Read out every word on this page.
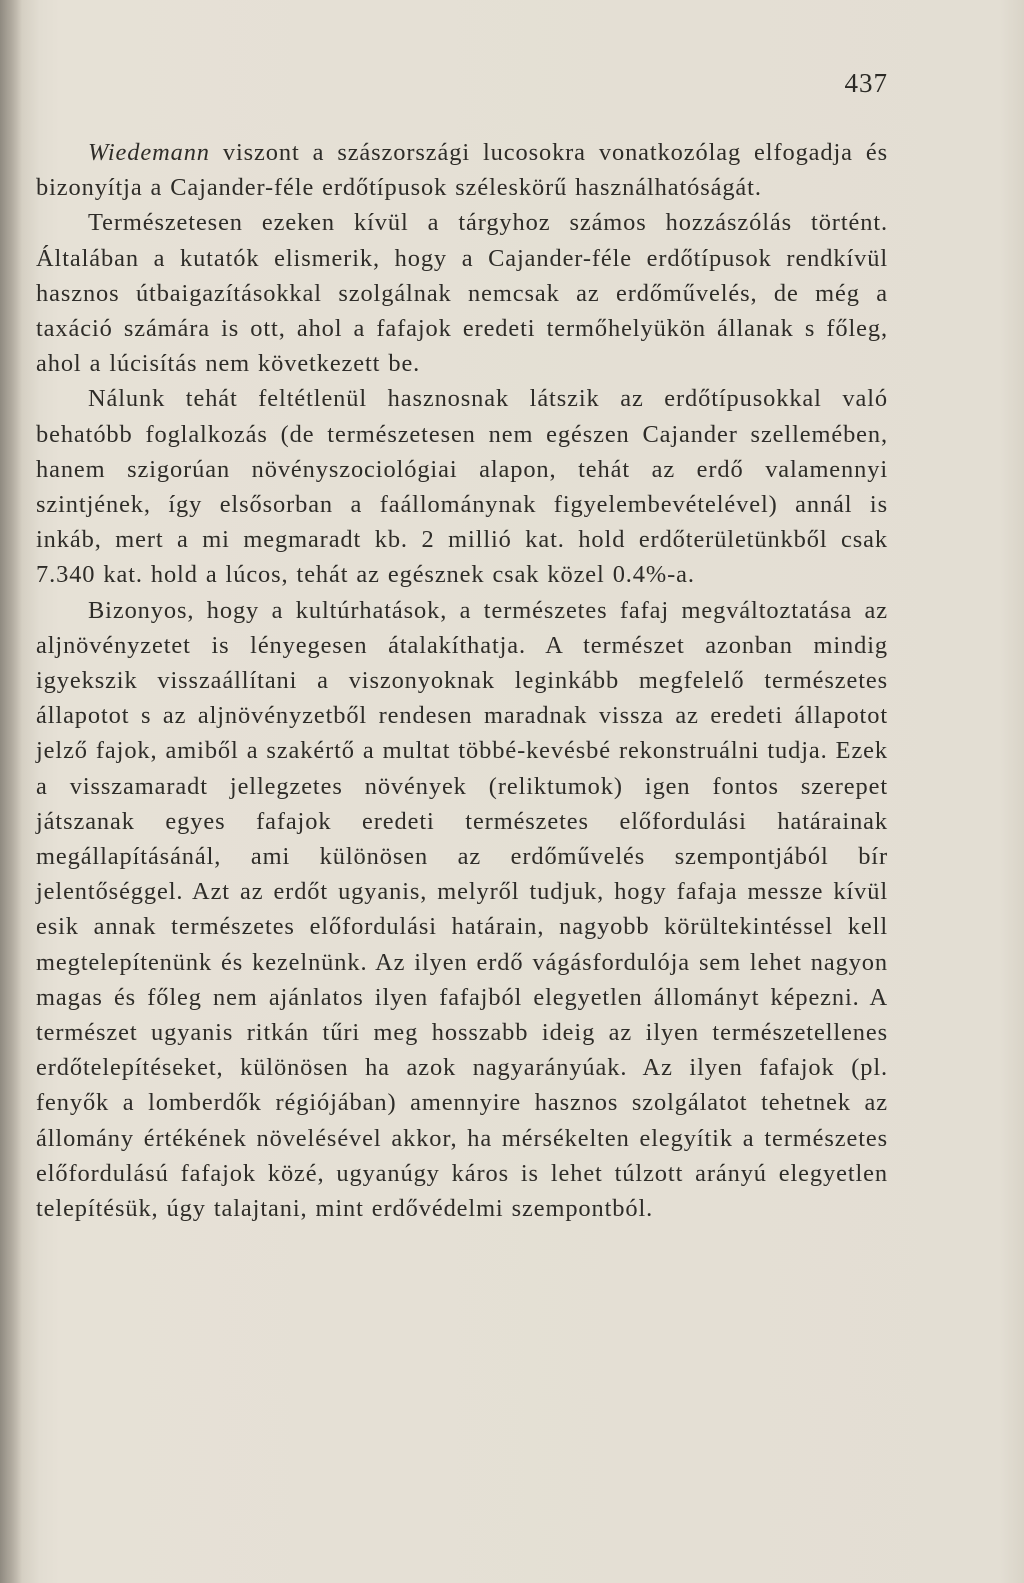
437

Wiedemann viszont a szászországi lucosokra vonatkozólag elfogadja és bizonyítja a Cajander-féle erdőtípusok széleskörű használhatóságát.

Természetesen ezeken kívül a tárgyhoz számos hozzászólás történt. Általában a kutatók elismerik, hogy a Cajander-féle erdőtípusok rendkívül hasznos útbaigazításokkal szolgálnak nemcsak az erdőművelés, de még a taxáció számára is ott, ahol a fafajok eredeti termőhelyükön állanak s főleg, ahol a lúcisítás nem következett be.

Nálunk tehát feltétlenül hasznosnak látszik az erdőtípusokkal való behatóbb foglalkozás (de természetesen nem egészen Cajander szellemében, hanem szigorúan növényszociológiai alapon, tehát az erdő valamennyi szintjének, így elsősorban a faállománynak figyelembevételével) annál is inkáb, mert a mi megmaradt kb. 2 millió kat. hold erdőterületünkből csak 7.340 kat. hold a lúcos, tehát az egésznek csak közel 0.4%-a.

Bizonyos, hogy a kultúrhatások, a természetes fafaj megváltoztatása az aljnövényzetet is lényegesen átalakíthatja. A természet azonban mindig igyekszik visszaállítani a viszonyoknak leginkább megfelelő természetes állapotot s az aljnövényzetből rendesen maradnak vissza az eredeti állapotot jelző fajok, amiből a szakértő a multat többé-kevésbé rekonstruálni tudja. Ezek a visszamaradt jellegzetes növények (reliktumok) igen fontos szerepet játszanak egyes fafajok eredeti természetes előfordulási határainak megállapításánál, ami különösen az erdőművelés szempontjából bír jelentőséggel. Azt az erdőt ugyanis, melyről tudjuk, hogy fafaja messze kívül esik annak természetes előfordulási határain, nagyobb körültekintéssel kell megtelepítenünk és kezelnünk. Az ilyen erdő vágásfordulója sem lehet nagyon magas és főleg nem ajánlatos ilyen fafajból elegyetlen állományt képezni. A természet ugyanis ritkán tűri meg hosszabb ideig az ilyen természetellenes erdőtelepítéseket, különösen ha azok nagyarányúak. Az ilyen fafajok (pl. fenyők a lomberdők régiójában) amennyire hasznos szolgálatot tehetnek az állomány értékének növelésével akkor, ha mérsékelten elegyítik a természetes előfordulású fafajok közé, ugyanúgy káros is lehet túlzott arányú elegyetlen telepítésük, úgy talajtani, mint erdővédelmi szempontból.
